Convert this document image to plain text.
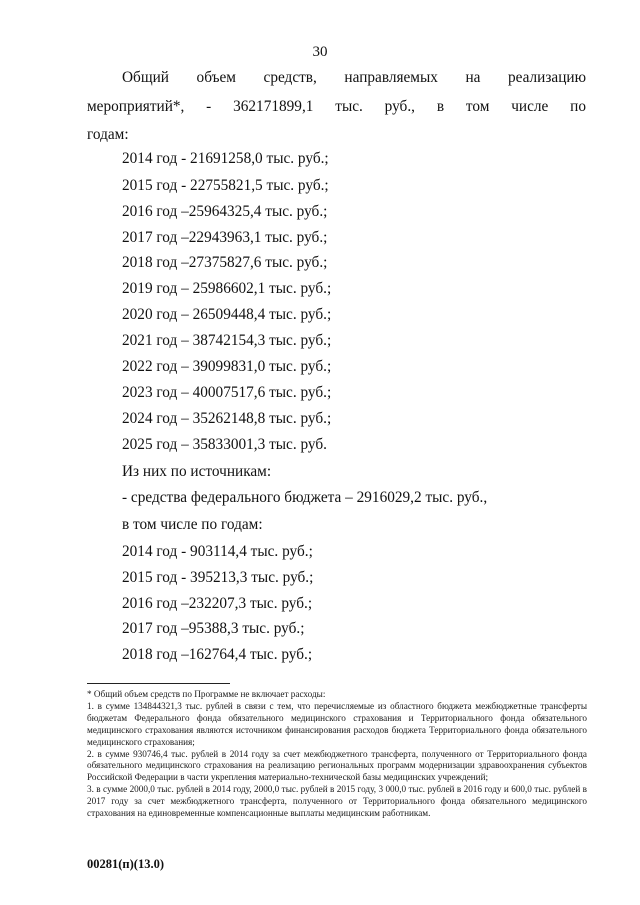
30
Общий объем средств, направляемых на реализацию
мероприятий*, - 362171899,1 тыс. руб., в том числе по
годам:
2014 год - 21691258,0 тыс. руб.;
2015 год - 22755821,5 тыс. руб.;
2016 год –25964325,4 тыс. руб.;
2017 год –22943963,1 тыс. руб.;
2018 год –27375827,6 тыс. руб.;
2019 год – 25986602,1 тыс. руб.;
2020 год – 26509448,4 тыс. руб.;
2021 год – 38742154,3 тыс. руб.;
2022 год – 39099831,0 тыс. руб.;
2023 год – 40007517,6 тыс. руб.;
2024 год – 35262148,8 тыс. руб.;
2025 год – 35833001,3 тыс. руб.
Из них по источникам:
- средства федерального бюджета – 2916029,2 тыс. руб.,
в том числе по годам:
2014 год - 903114,4 тыс. руб.;
2015 год - 395213,3 тыс. руб.;
2016 год –232207,3 тыс. руб.;
2017 год –95388,3 тыс. руб.;
2018 год –162764,4 тыс. руб.;

* Общий объем средств по Программе не включает расходы:

1. в сумме 134844321,3 тыс. рублей в связи с тем, что перечисляемые из областного бюджета межбюджетные трансферты бюджетам Федерального фонда обязательного медицинского страхования и Территориального фонда обязательного медицинского страхования являются источником финансирования расходов бюджета Территориального фонда обязательного медицинского страхования;

2. в сумме 930746,4 тыс. рублей в 2014 году за счет межбюджетного трансферта, полученного от Территориального фонда обязательного медицинского страхования на реализацию региональных программ модернизации здравоохранения субъектов Российской Федерации в части укрепления материально-технической базы медицинских учреждений;

3. в сумме 2000,0 тыс. рублей в 2014 году, 2000,0 тыс. рублей в 2015 году, 3 000,0 тыс. рублей в 2016 году и 600,0 тыс. рублей в 2017 году за счет межбюджетного трансферта, полученного от Территориального фонда обязательного медицинского страхования на единовременные компенсационные выплаты медицинским работникам.

00281(п)(13.0)
